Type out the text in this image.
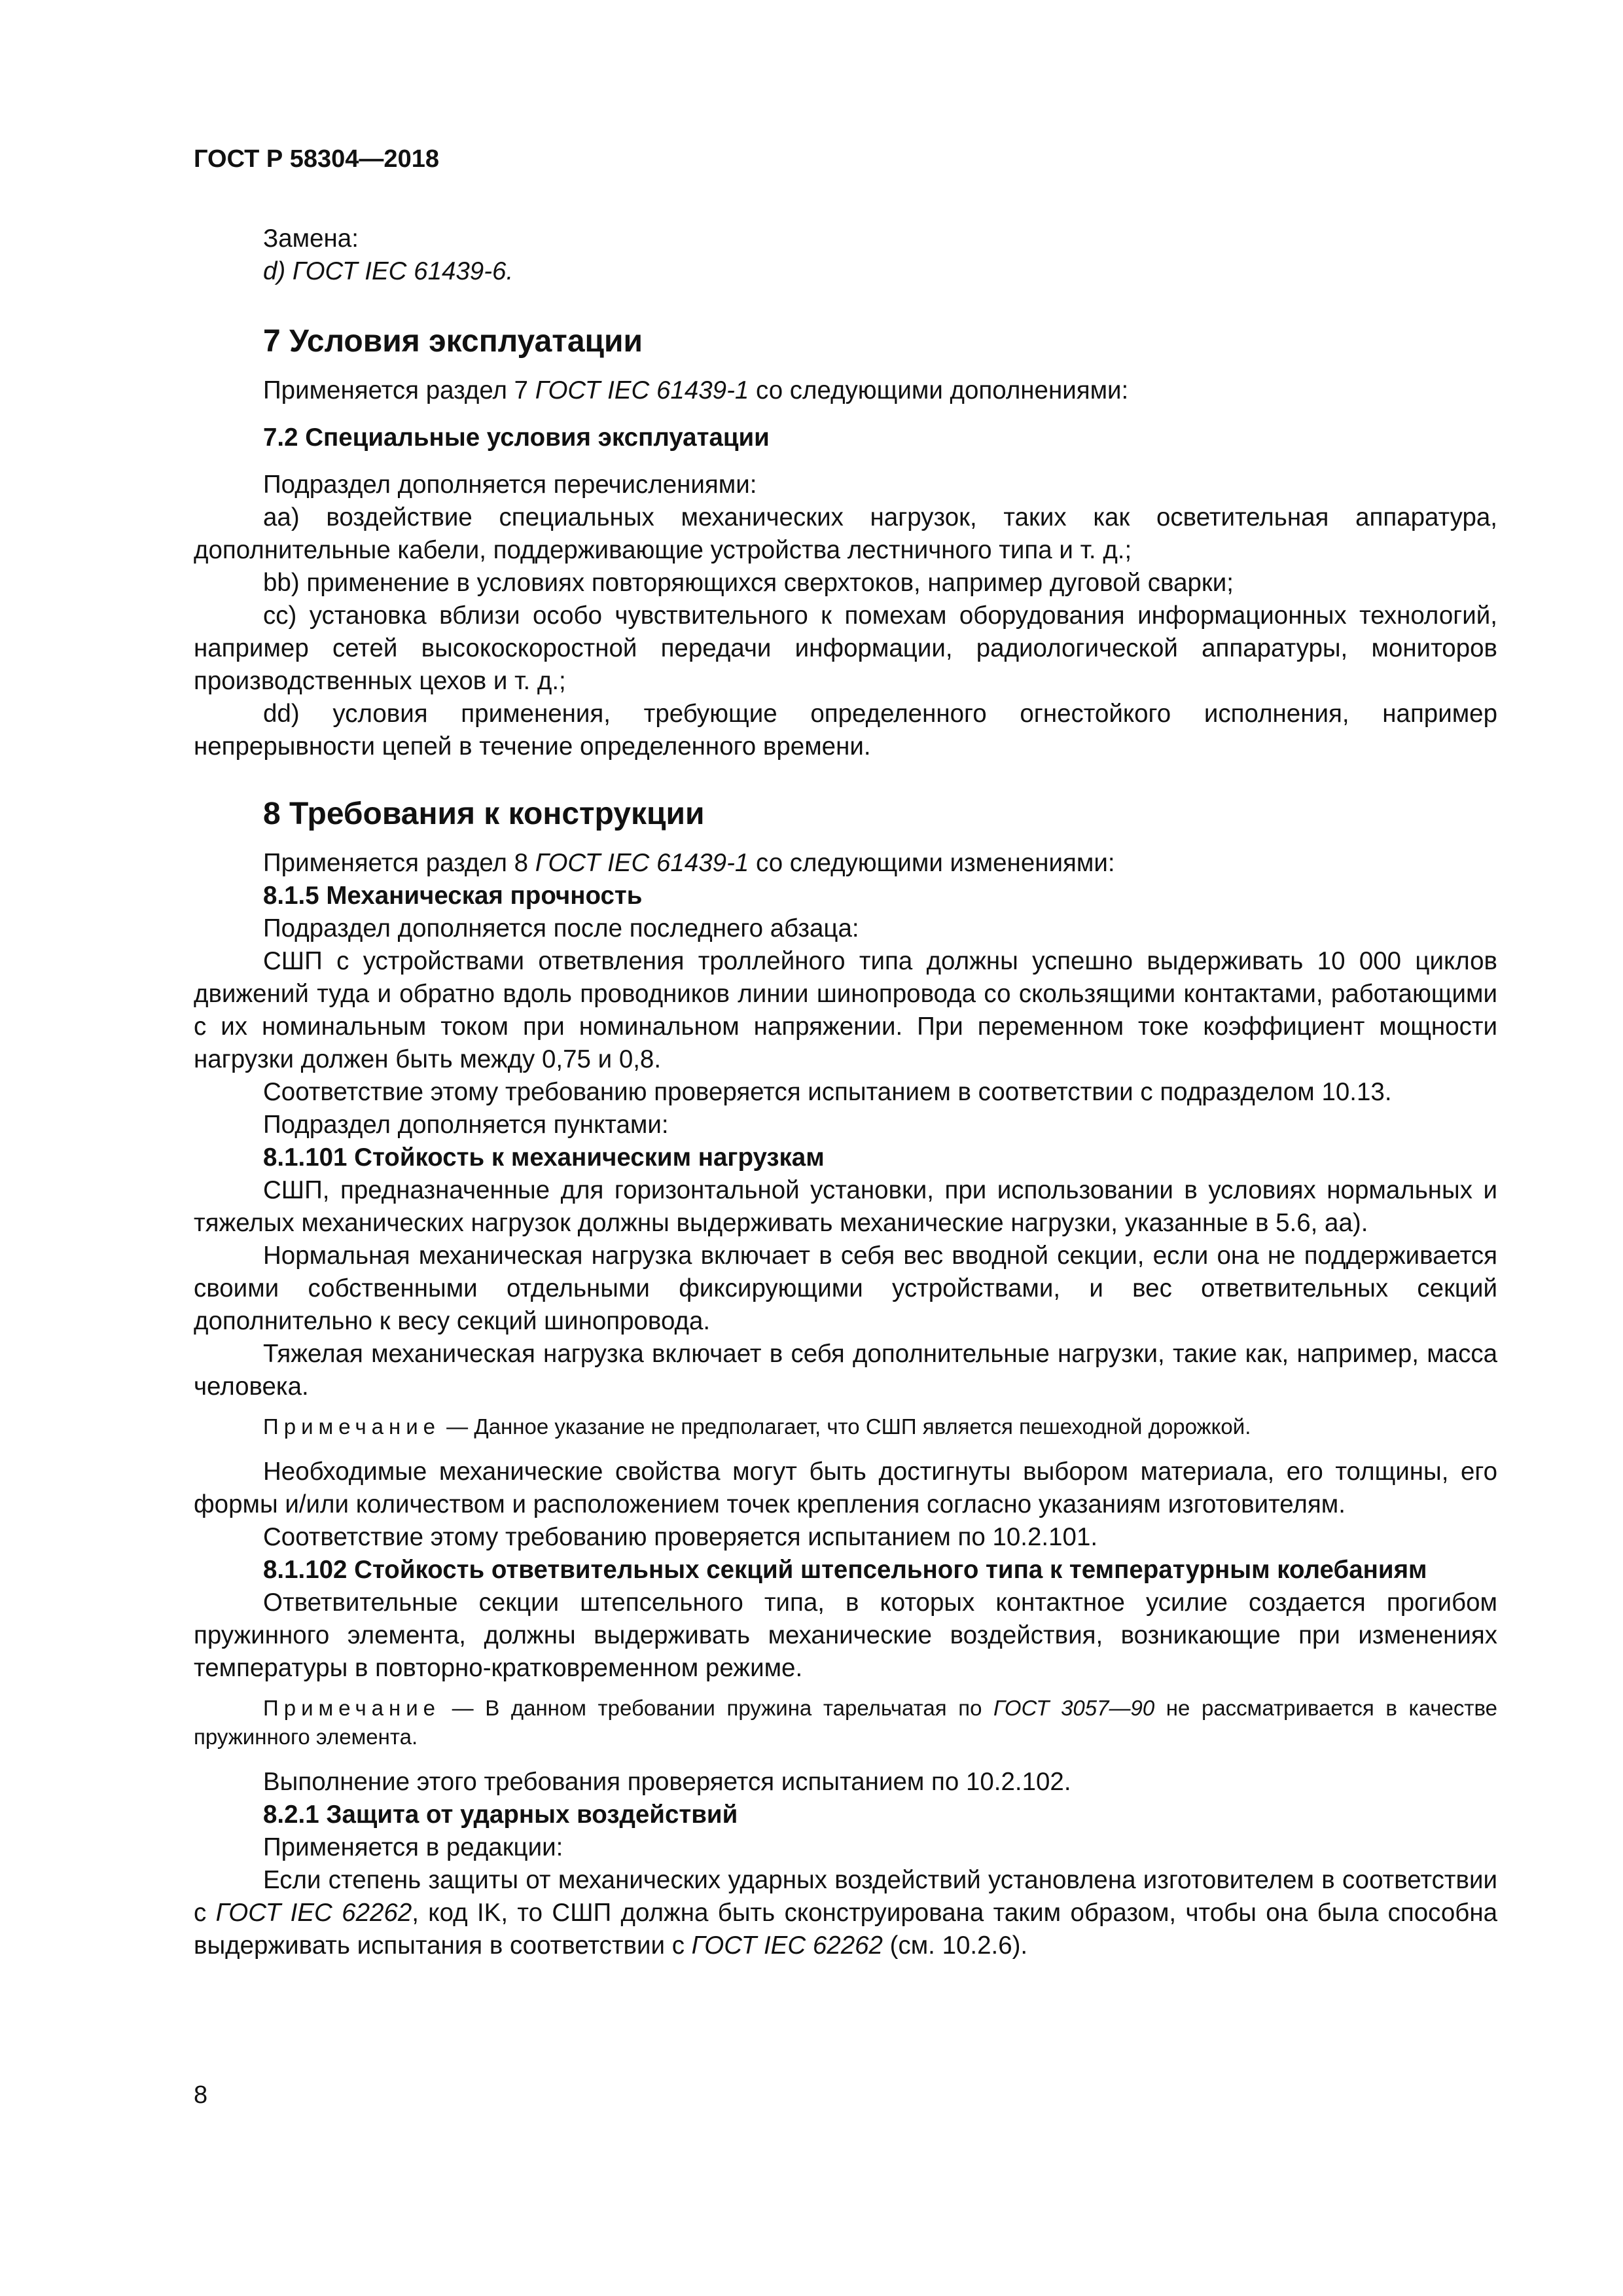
ГОСТ Р 58304—2018

Замена:

d) ГОСТ IEC 61439-6.

7 Условия эксплуатации

Применяется раздел 7 ГОСТ IEC 61439-1 со следующими дополнениями:

7.2 Специальные условия эксплуатации

Подраздел дополняется перечислениями:

aa) воздействие специальных механических нагрузок, таких как осветительная аппаратура, дополнительные кабели, поддерживающие устройства лестничного типа и т. д.;

bb) применение в условиях повторяющихся сверхтоков, например дуговой сварки;

cc) установка вблизи особо чувствительного к помехам оборудования информационных технологий, например сетей высокоскоростной передачи информации, радиологической аппаратуры, мониторов производственных цехов и т. д.;

dd) условия применения, требующие определенного огнестойкого исполнения, например непрерывности цепей в течение определенного времени.

8 Требования к конструкции

Применяется раздел 8 ГОСТ IEC 61439-1 со следующими изменениями:

8.1.5 Механическая прочность

Подраздел дополняется после последнего абзаца:

СШП с устройствами ответвления троллейного типа должны успешно выдерживать 10 000 циклов движений туда и обратно вдоль проводников линии шинопровода со скользящими контактами, работающими с их номинальным током при номинальном напряжении. При переменном токе коэффициент мощности нагрузки должен быть между 0,75 и 0,8.

Соответствие этому требованию проверяется испытанием в соответствии с подразделом 10.13.

Подраздел дополняется пунктами:

8.1.101 Стойкость к механическим нагрузкам

СШП, предназначенные для горизонтальной установки, при использовании в условиях нормальных и тяжелых механических нагрузок должны выдерживать механические нагрузки, указанные в 5.6, аа).

Нормальная механическая нагрузка включает в себя вес вводной секции, если она не поддерживается своими собственными отдельными фиксирующими устройствами, и вес ответвительных секций дополнительно к весу секций шинопровода.

Тяжелая механическая нагрузка включает в себя дополнительные нагрузки, такие как, например, масса человека.

Примечание — Данное указание не предполагает, что СШП является пешеходной дорожкой.

Необходимые механические свойства могут быть достигнуты выбором материала, его толщины, его формы и/или количеством и расположением точек крепления согласно указаниям изготовителям.

Соответствие этому требованию проверяется испытанием по 10.2.101.

8.1.102 Стойкость ответвительных секций штепсельного типа к температурным колебаниям

Ответвительные секции штепсельного типа, в которых контактное усилие создается прогибом пружинного элемента, должны выдерживать механические воздействия, возникающие при изменениях температуры в повторно-кратковременном режиме.

Примечание — В данном требовании пружина тарельчатая по ГОСТ 3057—90 не рассматривается в качестве пружинного элемента.

Выполнение этого требования проверяется испытанием по 10.2.102.

8.2.1 Защита от ударных воздействий

Применяется в редакции:

Если степень защиты от механических ударных воздействий установлена изготовителем в соответствии с ГОСТ IEC 62262, код IK, то СШП должна быть сконструирована таким образом, чтобы она была способна выдерживать испытания в соответствии с ГОСТ IEC 62262 (см. 10.2.6).

8
